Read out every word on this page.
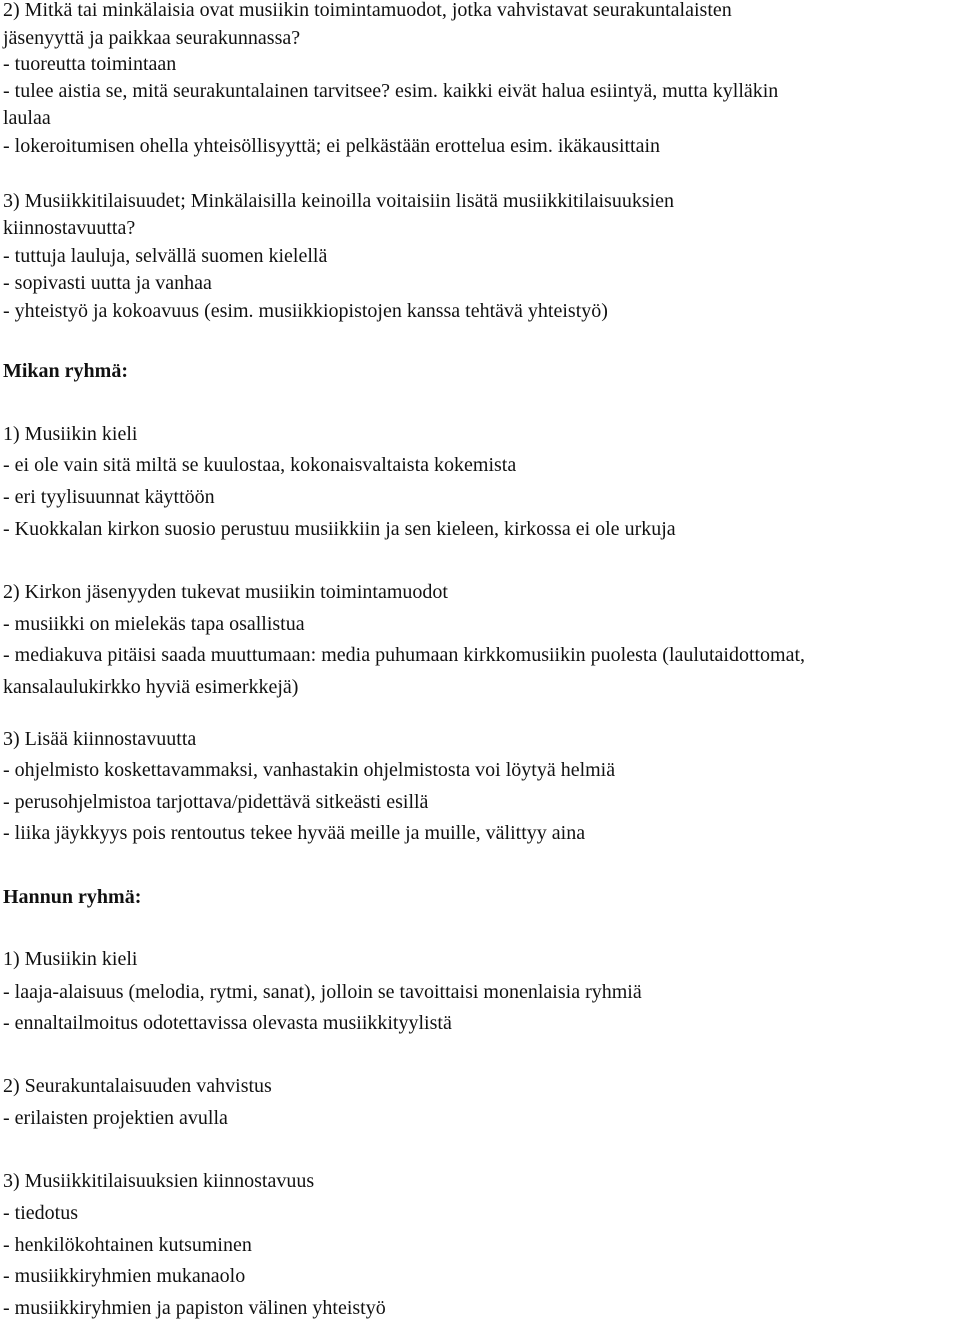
2) Mitkä tai minkälaisia ovat musiikin toimintamuodot, jotka vahvistavat seurakuntalaisten
jäsenyyttä ja paikkaa seurakunnassa?
- tuoreutta toimintaan
- tulee aistia se, mitä seurakuntalainen tarvitsee? esim. kaikki eivät halua esiintyä, mutta kylläkin
laulaa
- lokeroitumisen ohella yhteisöllisyyttä; ei pelkästään erottelua esim. ikäkausittain
3) Musiikkitilaisuudet; Minkälaisilla keinoilla voitaisiin lisätä musiikkitilaisuuksien
kiinnostavuutta?
- tuttuja lauluja, selvällä suomen kielellä
- sopivasti uutta ja vanhaa
- yhteistyö ja kokoavuus (esim. musiikkiopistojen kanssa tehtävä yhteistyö)
Mikan ryhmä:
1) Musiikin kieli
- ei ole vain sitä miltä se kuulostaa, kokonaisvaltaista kokemista
- eri tyylisuunnat käyttöön
- Kuokkalan kirkon suosio perustuu musiikkiin ja sen kieleen, kirkossa ei ole urkuja
2) Kirkon jäsenyyden tukevat musiikin toimintamuodot
- musiikki on mielekäs tapa osallistua
- mediakuva pitäisi saada muuttumaan: media puhumaan kirkkomusiikin puolesta (laulutaidottomat,
kansalaulukirkko hyviä esimerkkejä)
3) Lisää kiinnostavuutta
- ohjelmisto koskettavammaksi, vanhastakin ohjelmistosta voi löytyä helmiä
- perusohjelmistoa tarjottava/pidettävä sitkeästi esillä
- liika jäykkyys pois rentoutus tekee hyvää meille ja muille, välittyy aina
Hannun ryhmä:
1) Musiikin kieli
- laaja-alaisuus (melodia, rytmi, sanat), jolloin se tavoittaisi monenlaisia ryhmiä
- ennaltailmoitus odotettavissa olevasta musiikkityylistä
2) Seurakuntalaisuuden vahvistus
- erilaisten projektien avulla
3) Musiikkitilaisuuksien kiinnostavuus
- tiedotus
- henkilökohtainen kutsuminen
- musiikkiryhmien mukanaolo
- musiikkiryhmien ja papiston välinen yhteistyö
